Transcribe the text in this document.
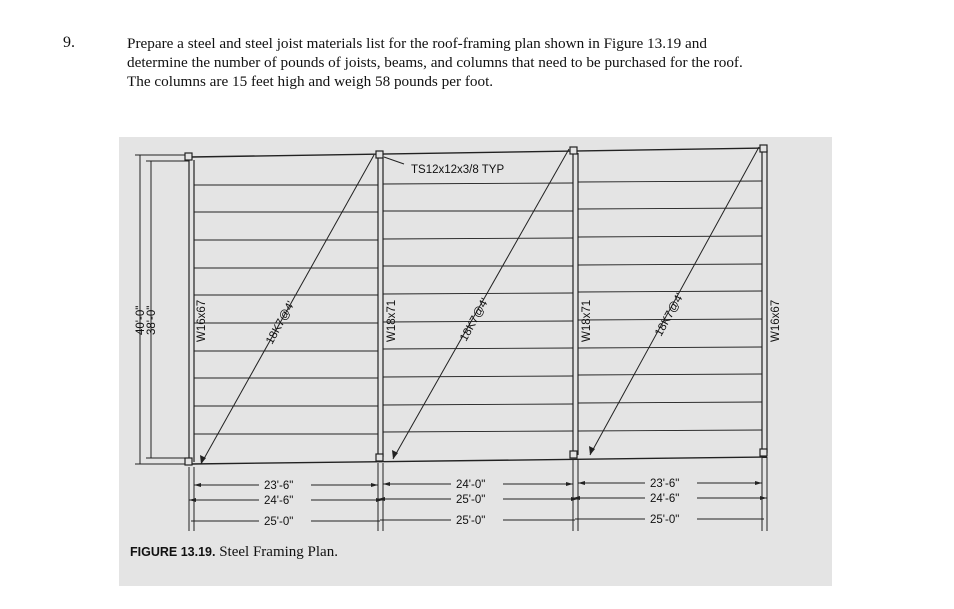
9.	Prepare a steel and steel joist materials list for the roof-framing plan shown in Figure 13.19 and
determine the number of pounds of joists, beams, and columns that need to be purchased for the roof.
The columns are 15 feet high and weigh 58 pounds per foot.
TS12x12x3/8 TYP
W16x67	W18x71	W18x71	W16x67
18K7@4'	18K7@4'	18K7@4'
40'-0" 38'-0"
23'-6"
24'-6"
25'-0"
24'-0"
25'-0"
25'-0"
23'-6"
24'-6"
25'-0"
FIGURE 13.19. Steel Framing Plan.
